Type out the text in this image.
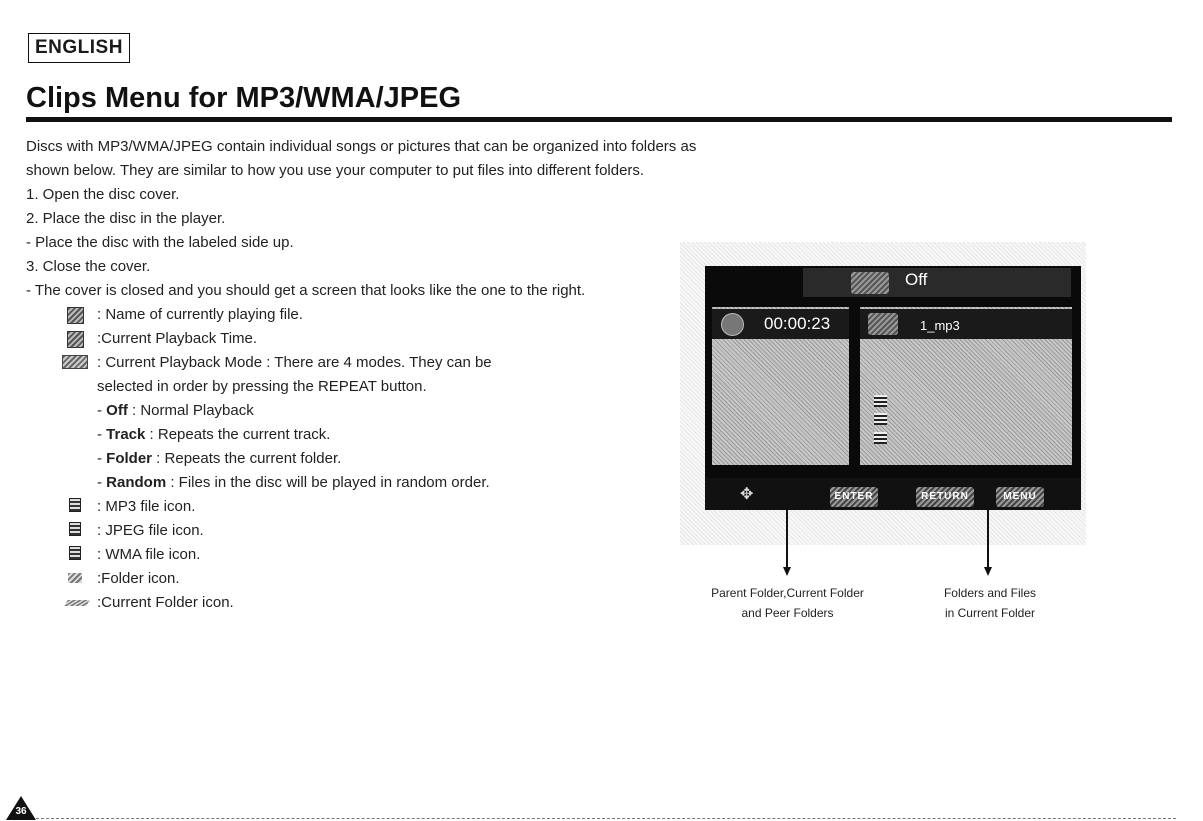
ENGLISH
Clips Menu for MP3/WMA/JPEG
Discs with MP3/WMA/JPEG contain individual songs or pictures that can be organized into folders as
shown below. They are similar to how you use your computer to put files into different folders.
1. Open the disc cover.
2. Place the disc in the player.
- Place the disc with the labeled side up.
3. Close the cover.
- The cover is closed and you should get a screen that looks like the one to the right.
: Name of currently playing file.
:Current Playback Time.
: Current Playback Mode : There are 4 modes. They can be
selected in order by pressing the REPEAT button.
- Off : Normal Playback
- Track : Repeats the current track.
- Folder : Repeats the current folder.
- Random : Files in the disc will be played in random order.
: MP3 file icon.
: JPEG file icon.
: WMA file icon.
:Folder icon.
:Current Folder icon.
Off
00:00:23	1_mp3
✥	ENTER	RETURN	MENU
Parent Folder,Current Folder
and Peer Folders
Folders and Files
in Current Folder
36
